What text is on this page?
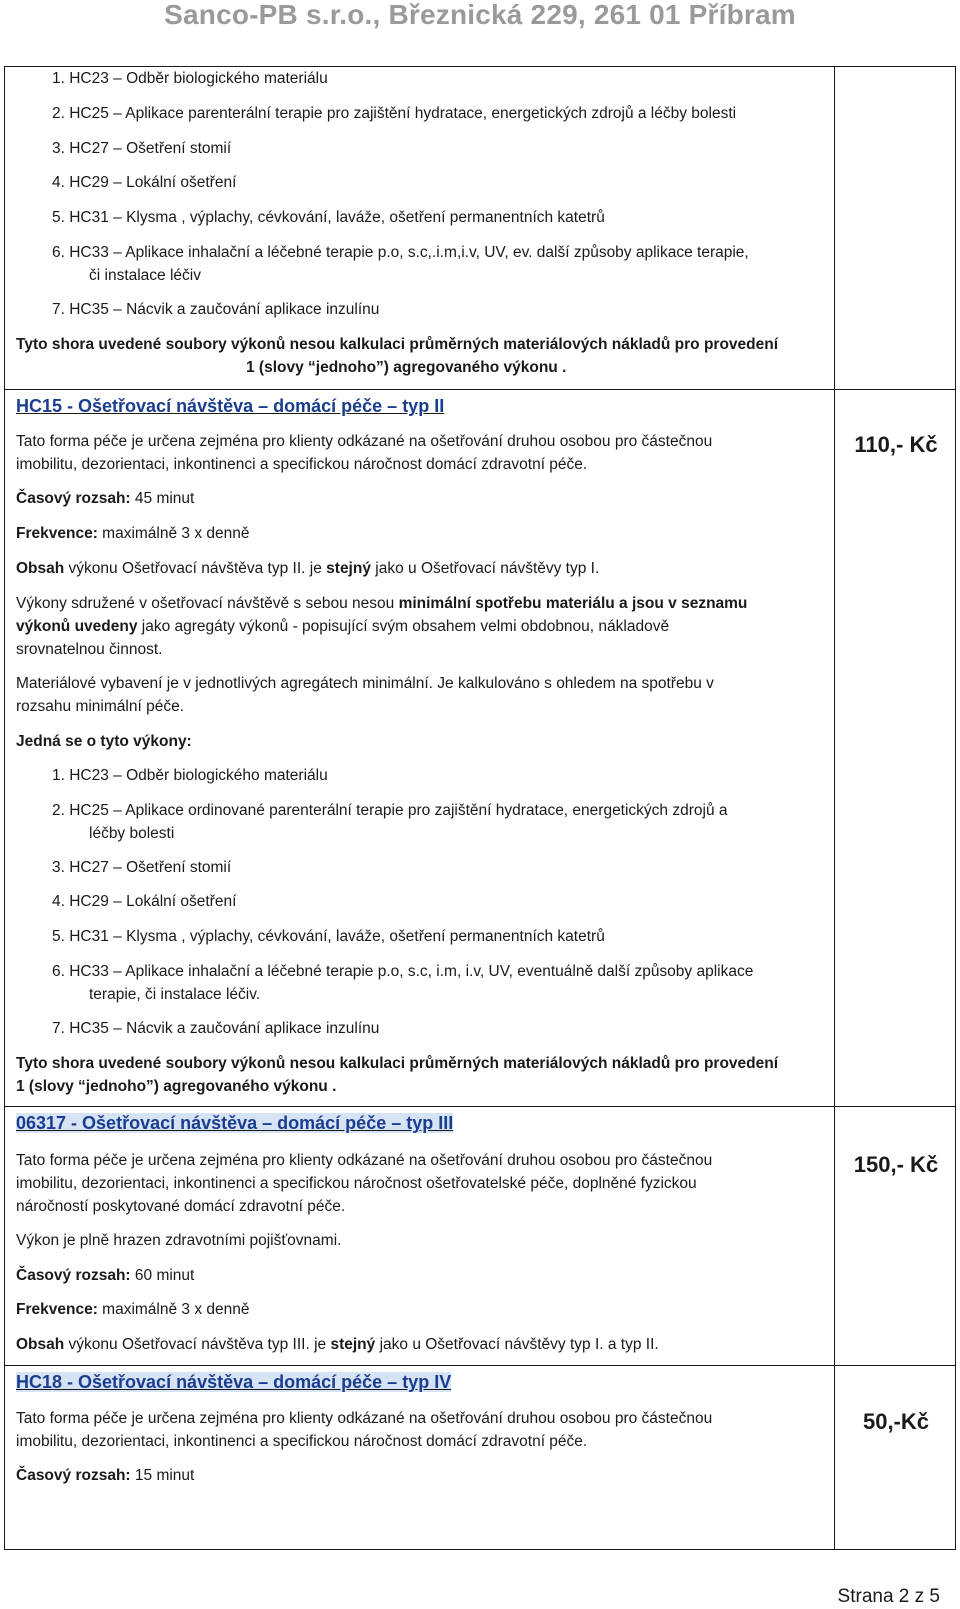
Sanco-PB s.r.o., Březnická 229, 261 01 Příbram
1. HC23 – Odběr biologického materiálu
2. HC25 – Aplikace parenterální terapie pro zajištění hydratace, energetických zdrojů a léčby bolesti
3. HC27 – Ošetření stomií
4. HC29 – Lokální ošetření
5. HC31 – Klysma , výplachy, cévkování, laváže, ošetření permanentních katetrů
6. HC33 – Aplikace inhalační a léčebné terapie p.o, s.c,.i.m,i.v, UV, ev. další způsoby aplikace terapie,
či instalace léčiv
7. HC35 – Nácvik a zaučování aplikace inzulínu
Tyto shora uvedené soubory výkonů nesou kalkulaci průměrných materiálových nákladů pro provedení
1 (slovy “jednoho”) agregovaného výkonu .
HC15 - Ošetřovací návštěva – domácí péče – typ II
110,- Kč
Tato forma péče je určena zejména pro klienty odkázané na ošetřování druhou osobou pro částečnou
imobilitu, dezorientaci, inkontinenci a specifickou náročnost domácí zdravotní péče.
Časový rozsah: 45 minut
Frekvence: maximálně 3 x denně
Obsah výkonu Ošetřovací návštěva typ II. je stejný jako u Ošetřovací návštěvy typ I.
Výkony sdružené v ošetřovací návštěvě s sebou nesou minimální spotřebu materiálu a jsou v seznamu
výkonů uvedeny jako agregáty výkonů - popisující svým obsahem velmi obdobnou, nákladově
srovnatelnou činnost.
Materiálové vybavení je v jednotlivých agregátech minimální. Je kalkulováno s ohledem na spotřebu v
rozsahu minimální péče.
Jedná se o tyto výkony:
1. HC23 – Odběr biologického materiálu
2. HC25 – Aplikace ordinované parenterální terapie pro zajištění hydratace, energetických zdrojů a
léčby bolesti
3. HC27 – Ošetření stomií
4. HC29 – Lokální ošetření
5. HC31 – Klysma , výplachy, cévkování, laváže, ošetření permanentních katetrů
6. HC33 – Aplikace inhalační a léčebné terapie p.o, s.c, i.m, i.v, UV, eventuálně další způsoby aplikace
terapie, či instalace léčiv.
7. HC35 – Nácvik a zaučování aplikace inzulínu
Tyto shora uvedené soubory výkonů nesou kalkulaci průměrných materiálových nákladů pro provedení
1 (slovy “jednoho”) agregovaného výkonu .
06317 - Ošetřovací návštěva – domácí péče – typ III
150,- Kč
Tato forma péče je určena zejména pro klienty odkázané na ošetřování druhou osobou pro částečnou
imobilitu, dezorientaci, inkontinenci a specifickou náročnost ošetřovatelské péče, doplněné fyzickou
náročností poskytované domácí zdravotní péče.
Výkon je plně hrazen zdravotními pojišťovnami.
Časový rozsah: 60 minut
Frekvence: maximálně 3 x denně
Obsah výkonu Ošetřovací návštěva typ III. je stejný jako u Ošetřovací návštěvy typ I. a typ II.
HC18 - Ošetřovací návštěva – domácí péče – typ IV
50,-Kč
Tato forma péče je určena zejména pro klienty odkázané na ošetřování druhou osobou pro částečnou
imobilitu, dezorientaci, inkontinenci a specifickou náročnost domácí zdravotní péče.
Časový rozsah: 15 minut
Strana 2 z 5
